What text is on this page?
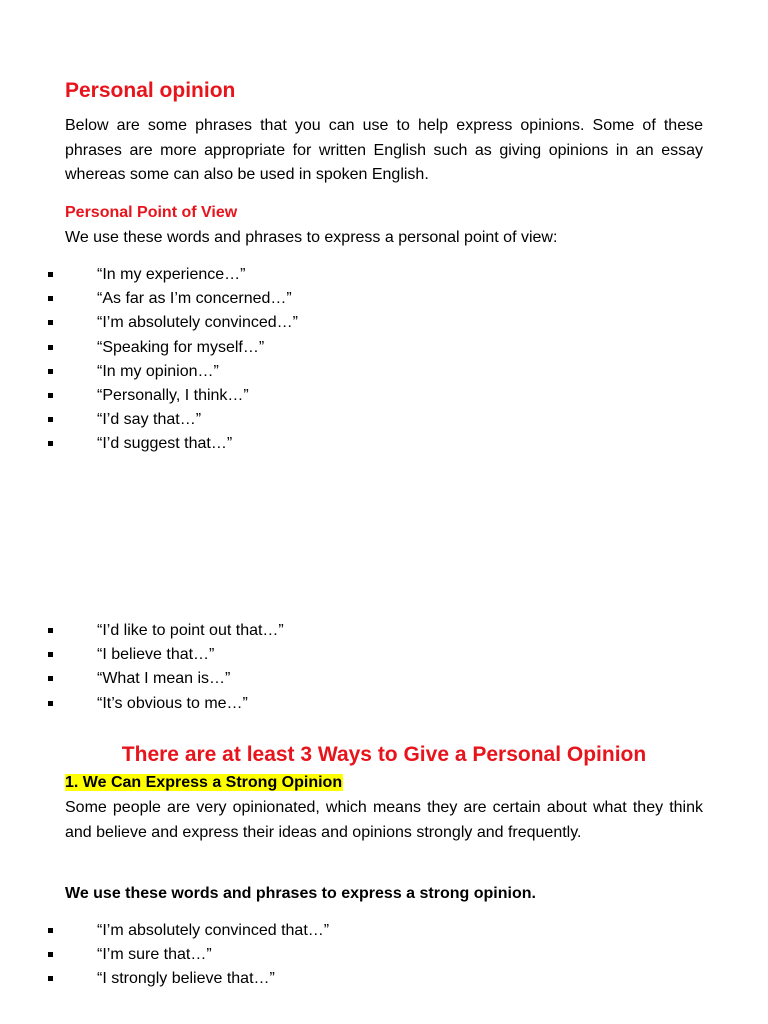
Personal opinion

Below are some phrases that you can use to help express opinions. Some of these phrases are more appropriate for written English such as giving opinions in an essay whereas some can also be used in spoken English.

Personal Point of View

We use these words and phrases to express a personal point of view:

“In my experience…”
“As far as I’m concerned…”
“I’m absolutely convinced…”
“Speaking for myself…”
“In my opinion…”
“Personally, I think…”
“I’d say that…”
“I’d suggest that…”
“I’d like to point out that…”
“I believe that…”
“What I mean is…”
“It’s obvious to me…”
There are at least 3 Ways to Give a Personal Opinion

1. We Can Express a Strong Opinion

Some people are very opinionated, which means they are certain about what they think and believe and express their ideas and opinions strongly and frequently.

We use these words and phrases to express a strong opinion.

“I’m absolutely convinced that…”
“I’m sure that…”
“I strongly believe that…”
